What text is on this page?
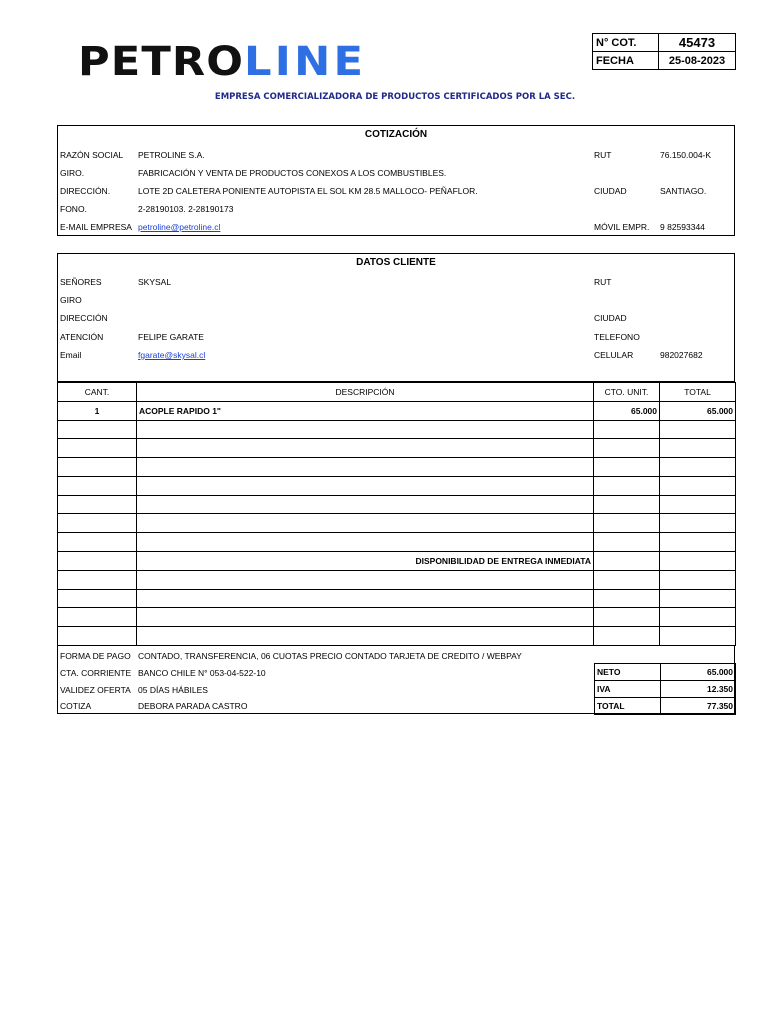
PETROLINE	N° COT.	45473
FECHA	25-08-2023
EMPRESA COMERCIALIZADORA DE PRODUCTOS CERTIFICADOS POR LA SEC.
COTIZACIÓN
RAZÓN SOCIAL PETROLINE S.A.	RUT	76.150.004-K
GIRO.	FABRICACIÓN Y VENTA DE PRODUCTOS CONEXOS A LOS COMBUSTIBLES.
DIRECCIÓN.	LOTE 2D CALETERA PONIENTE AUTOPISTA EL SOL KM 28.5 MALLOCO- PEÑAFLOR.	CIUDAD	SANTIAGO.
FONO.	2-28190103. 2-28190173
E-MAIL EMPRESA petroline@petroline.cl	MÓVIL EMPR. 9 82593344
DATOS CLIENTE
SEÑORES	SKYSAL	RUT
GIRO
DIRECCIÓN	CIUDAD
ATENCIÓN	FELIPE GARATE	TELEFONO
Email	fgarate@skysal.cl	CELULAR	982027682
CANT.	DESCRIPCIÓN	CTO. UNIT.	TOTAL
1	ACOPLE RAPIDO 1"	65.000	65.000

	DISPONIBILIDAD DE ENTREGA INMEDIATA		

FORMA DE PAGO CONTADO, TRANSFERENCIA, 06 CUOTAS PRECIO CONTADO TARJETA DE CREDITO / WEBPAY
CTA. CORRIENTE BANCO CHILE N° 053-04-522-10
VALIDEZ OFERTA 05 DÍAS HÁBILES
COTIZA	DEBORA PARADA CASTRO
NETO	65.000
IVA	12.350
TOTAL	77.350
